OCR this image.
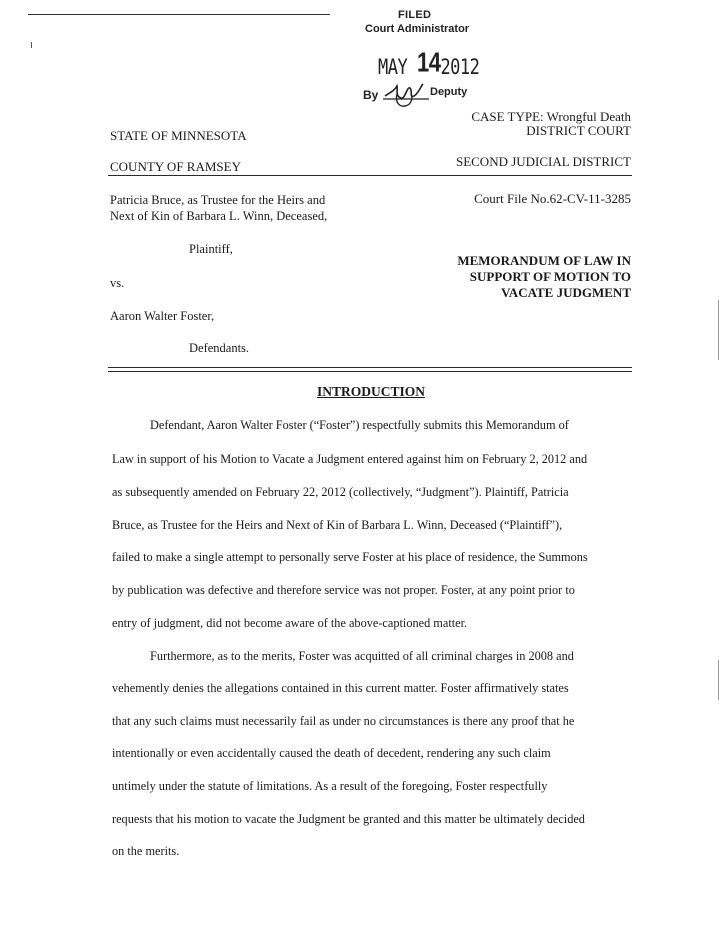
FILED
Court Administrator
MAY 142012
By	Deputy
CASE TYPE: Wrongful Death
DISTRICT COURT
STATE OF MINNESOTA
COUNTY OF RAMSEY	SECOND JUDICIAL DISTRICT
Patricia Bruce, as Trustee for the Heirs and
Next of Kin of Barbara L. Winn, Deceased,
Court File No.62-CV-11-3285
Plaintiff,
vs.
Aaron Walter Foster,
Defendants.
MEMORANDUM OF LAW IN
SUPPORT OF MOTION TO
VACATE JUDGMENT
INTRODUCTION
Defendant, Aaron Walter Foster (“Foster”) respectfully submits this Memorandum of
Law in support of his Motion to Vacate a Judgment entered against him on February 2, 2012 and
as subsequently amended on February 22, 2012 (collectively, “Judgment”). Plaintiff, Patricia
Bruce, as Trustee for the Heirs and Next of Kin of Barbara L. Winn, Deceased (“Plaintiff”),
failed to make a single attempt to personally serve Foster at his place of residence, the Summons
by publication was defective and therefore service was not proper. Foster, at any point prior to
entry of judgment, did not become aware of the above-captioned matter.
Furthermore, as to the merits, Foster was acquitted of all criminal charges in 2008 and
vehemently denies the allegations contained in this current matter. Foster affirmatively states
that any such claims must necessarily fail as under no circumstances is there any proof that he
intentionally or even accidentally caused the death of decedent, rendering any such claim
untimely under the statute of limitations. As a result of the foregoing, Foster respectfully
requests that his motion to vacate the Judgment be granted and this matter be ultimately decided
on the merits.
